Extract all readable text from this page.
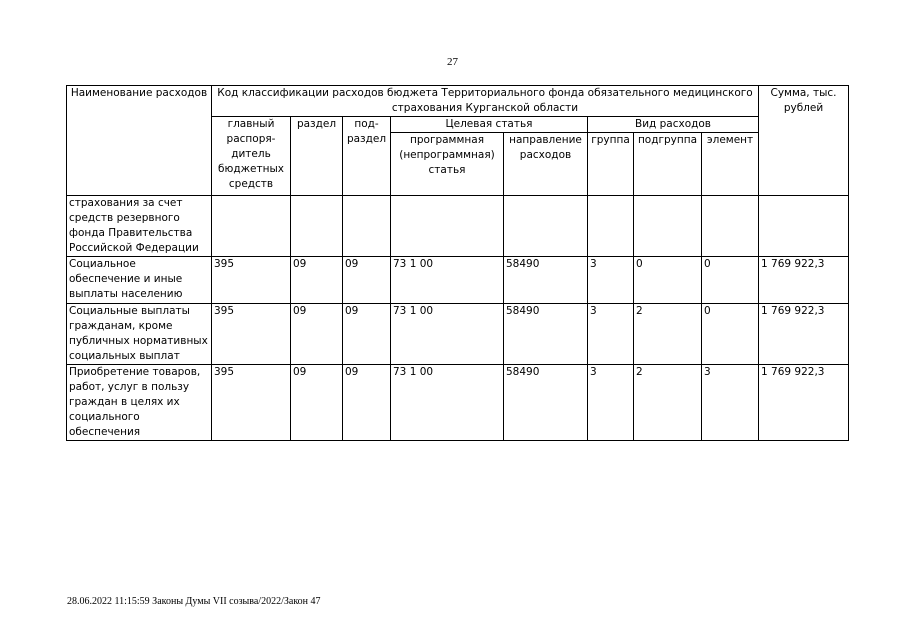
27
Наименование расходов	Код классификации расходов бюджета Территориального фонда обязательного медицинского страхования Курганской области								Сумма, тыс. рублей
	главный распоря-дитель бюджетных средств	раздел	под-раздел	Целевая статья		Вид расходов			
				программная (непрограммная) статья	направление расходов	группа	подгруппа	элемент	
страхования за счет средств резервного фонда Правительства Российской Федерации									
Социальное обеспечение и иные выплаты населению	395	09	09	73 1 00	58490	3	0	0	1 769 922,3
Социальные выплаты гражданам, кроме публичных нормативных социальных выплат	395	09	09	73 1 00	58490	3	2	0	1 769 922,3
Приобретение товаров, работ, услуг в пользу граждан в целях их социального обеспечения	395	09	09	73 1 00	58490	3	2	3	1 769 922,3
28.06.2022 11:15:59 Законы Думы VII созыва/2022/Закон 47
